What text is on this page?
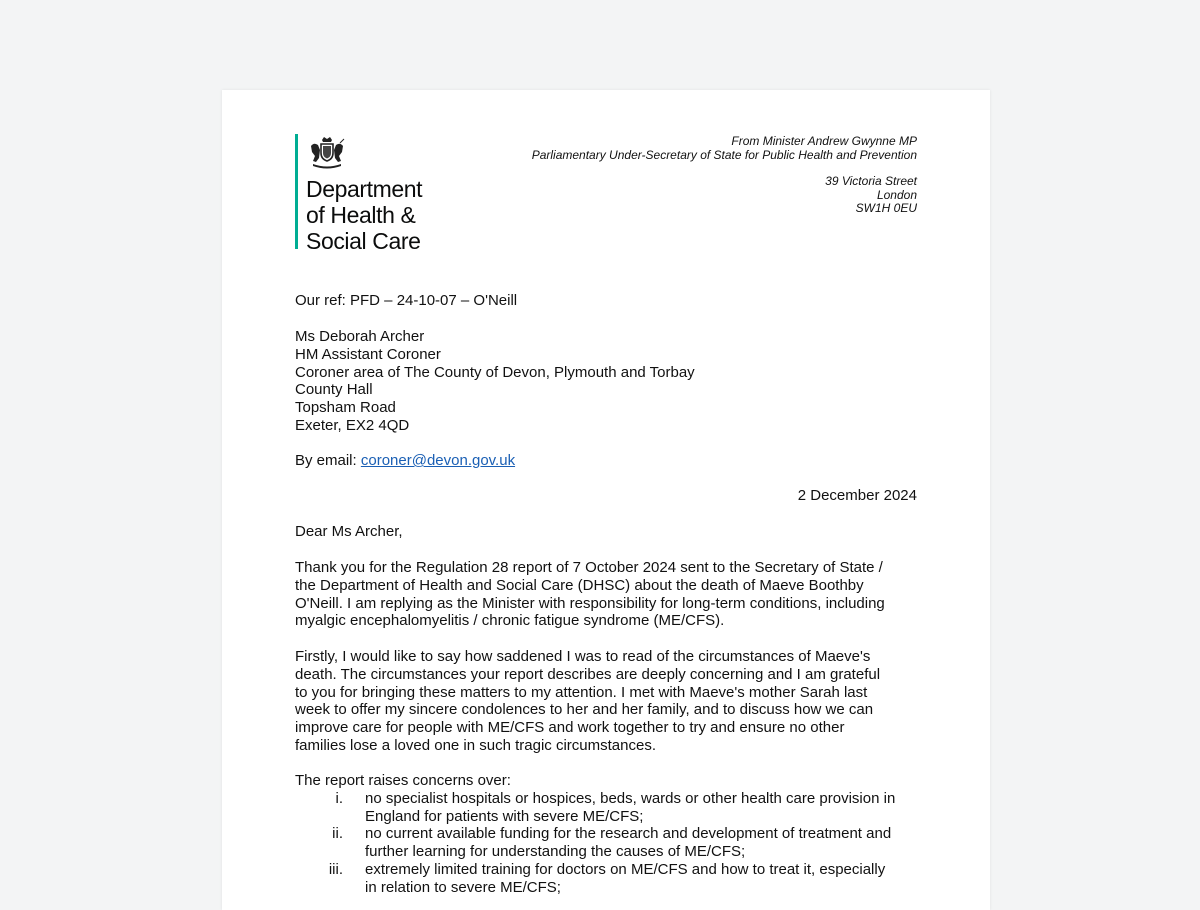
Department
of Health &
Social Care
From Minister Andrew Gwynne MP
Parliamentary Under-Secretary of State for Public Health and Prevention
39 Victoria Street
London
SW1H 0EU
Our ref: PFD – 24-10-07 – O'Neill
Ms Deborah Archer
HM Assistant Coroner
Coroner area of The County of Devon, Plymouth and Torbay
County Hall
Topsham Road
Exeter, EX2 4QD
By email: coroner@devon.gov.uk
2 December 2024
Dear Ms Archer,
Thank you for the Regulation 28 report of 7 October 2024 sent to the Secretary of State /
the Department of Health and Social Care (DHSC) about the death of Maeve Boothby
O'Neill. I am replying as the Minister with responsibility for long-term conditions, including
myalgic encephalomyelitis / chronic fatigue syndrome (ME/CFS).
Firstly, I would like to say how saddened I was to read of the circumstances of Maeve's
death. The circumstances your report describes are deeply concerning and I am grateful
to you for bringing these matters to my attention. I met with Maeve's mother Sarah last
week to offer my sincere condolences to her and her family, and to discuss how we can
improve care for people with ME/CFS and work together to try and ensure no other
families lose a loved one in such tragic circumstances.
The report raises concerns over:
i. no specialist hospitals or hospices, beds, wards or other health care provision in
England for patients with severe ME/CFS;
ii. no current available funding for the research and development of treatment and
further learning for understanding the causes of ME/CFS;
iii. extremely limited training for doctors on ME/CFS and how to treat it, especially
in relation to severe ME/CFS;
